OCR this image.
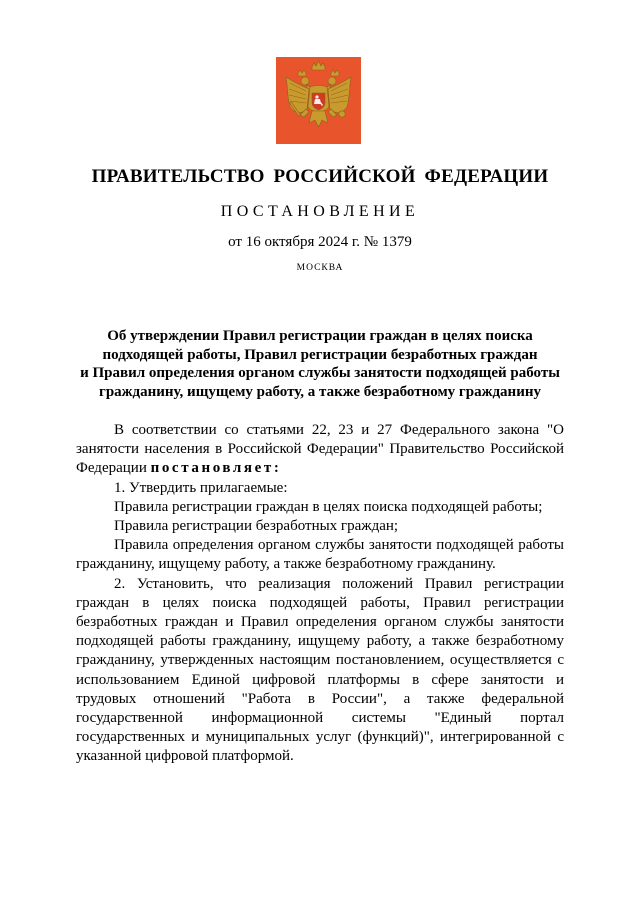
ПРАВИТЕЛЬСТВО РОССИЙСКОЙ ФЕДЕРАЦИИ
ПОСТАНОВЛЕНИЕ
от 16 октября 2024 г. № 1379
МОСКВА
Об утверждении Правил регистрации граждан в целях поиска
подходящей работы, Правил регистрации безработных граждан
и Правил определения органом службы занятости подходящей работы
гражданину, ищущему работу, а также безработному гражданину

В соответствии со статьями 22, 23 и 27 Федерального закона "О занятости населения в Российской Федерации" Правительство Российской Федерации постановляет:

1. Утвердить прилагаемые:

Правила регистрации граждан в целях поиска подходящей работы;

Правила регистрации безработных граждан;

Правила определения органом службы занятости подходящей работы гражданину, ищущему работу, а также безработному гражданину.

2. Установить, что реализация положений Правил регистрации граждан в целях поиска подходящей работы, Правил регистрации безработных граждан и Правил определения органом службы занятости подходящей работы гражданину, ищущему работу, а также безработному гражданину, утвержденных настоящим постановлением, осуществляется с использованием Единой цифровой платформы в сфере занятости и трудовых отношений "Работа в России", а также федеральной государственной информационной системы "Единый портал государственных и муниципальных услуг (функций)", интегрированной с указанной цифровой платформой.
